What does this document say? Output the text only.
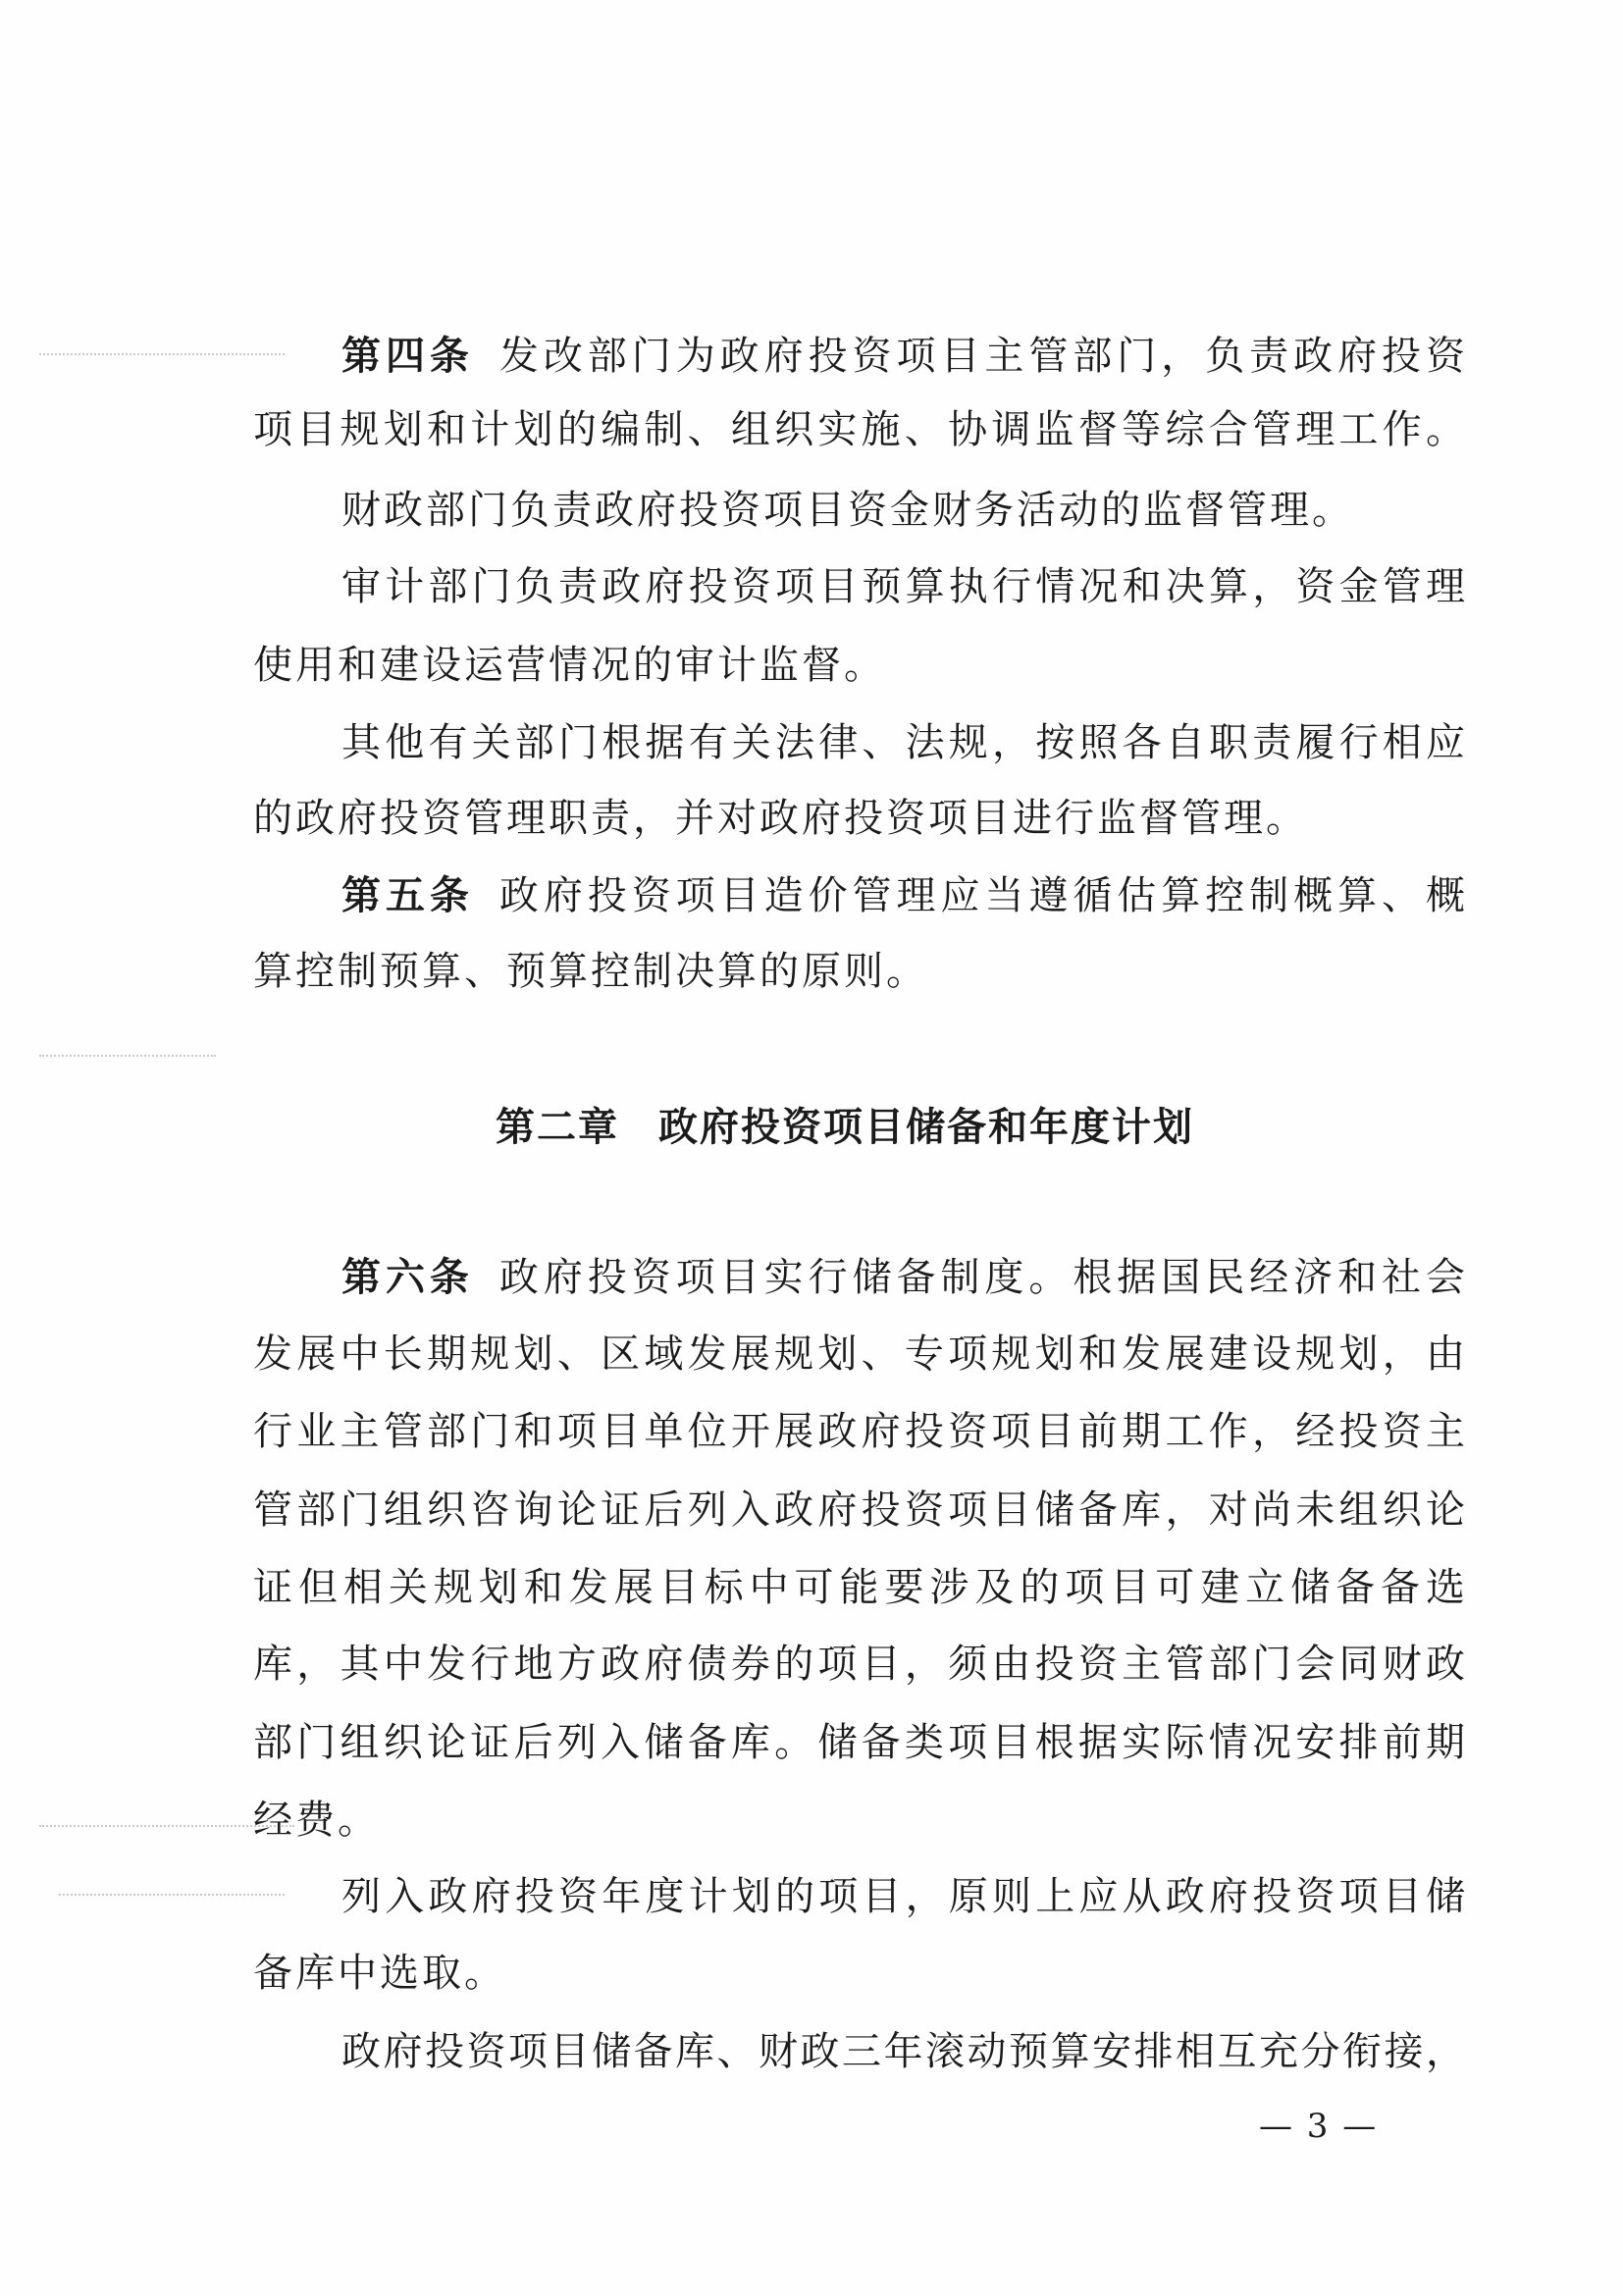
第四条 发改部门为政府投资项目主管部门，负责政府投资
项目规划和计划的编制、组织实施、协调监督等综合管理工作。
财政部门负责政府投资项目资金财务活动的监督管理。
审计部门负责政府投资项目预算执行情况和决算，资金管理
使用和建设运营情况的审计监督。
其他有关部门根据有关法律、法规，按照各自职责履行相应
的政府投资管理职责，并对政府投资项目进行监督管理。
第五条 政府投资项目造价管理应当遵循估算控制概算、概
算控制预算、预算控制决算的原则。
第二章 政府投资项目储备和年度计划
第六条 政府投资项目实行储备制度。根据国民经济和社会
发展中长期规划、区域发展规划、专项规划和发展建设规划，由
行业主管部门和项目单位开展政府投资项目前期工作，经投资主
管部门组织咨询论证后列入政府投资项目储备库，对尚未组织论
证但相关规划和发展目标中可能要涉及的项目可建立储备备选
库，其中发行地方政府债券的项目，须由投资主管部门会同财政
部门组织论证后列入储备库。储备类项目根据实际情况安排前期
经费。
列入政府投资年度计划的项目，原则上应从政府投资项目储
备库中选取。
政府投资项目储备库、财政三年滚动预算安排相互充分衔接，
— 3 —
